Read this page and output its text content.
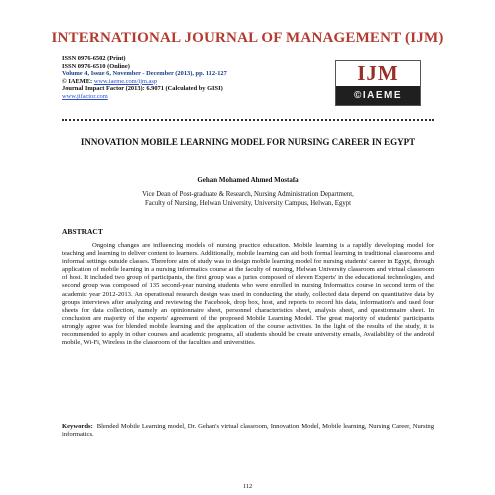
INTERNATIONAL JOURNAL OF MANAGEMENT (IJM)
ISSN 0976-6502 (Print)
ISSN 0976-6510 (Online)
Volume 4, Issue 6, November - December (2013), pp. 112-127
© IAEME: www.iaeme.com/ijm.asp
Journal Impact Factor (2013): 6.9071 (Calculated by GISI)
www.jifactor.com
IJM
©IAEME
INNOVATION MOBILE LEARNING MODEL FOR NURSING CAREER IN EGYPT
Gehan Mohamed Ahmed Mostafa
Vice Dean of Post-graduate & Research, Nursing Administration Department,
Faculty of Nursing, Helwan University, University Campus, Helwan, Egypt
ABSTRACT
Ongoing changes are influencing models of nursing practice education. Mobile learning is a rapidly developing model for teaching and learning to deliver content to learners. Additionally, mobile learning can aid both formal learning in traditional classrooms and informal settings outside classes. Therefore aim of study was to design mobile learning model for nursing students' career in Egypt, through application of mobile learning in a nursing informatics course at the faculty of nursing, Helwan University classroom and virtual classroom of host. It included two group of participants, the first group was a juries composed of eleven Experts' in the educational technologies, and second group was composed of 135 second-year nursing students who were enrolled in nursing Informatics course in second term of the academic year 2012-2013. An operational research design was used in conducting the study, collected data depend on quantitative data by groups interviews after analyzing and reviewing the Facebook, drop box, host, and reports to record his data, information's and used four sheets for data collection, namely an opinionnaire sheet, personnel characteristics sheet, analysis sheet, and questionnaire sheet. In conclusion are majority of the experts' agreement of the proposed Mobile Learning Model. The great majority of students' participants strongly agree was for blended mobile learning and the application of the course activities. In the light of the results of the study, it is recommended to apply in other courses and academic programs, all students should be create university emails, Availability of the android mobile, Wi-Fi, Wireless in the classroom of the faculties and universities.
Keywords: Blended Mobile Learning model, Dr. Gehan's virtual classroom, Innovation Model, Mobile learning, Nursing Career, Nursing informatics.
112
